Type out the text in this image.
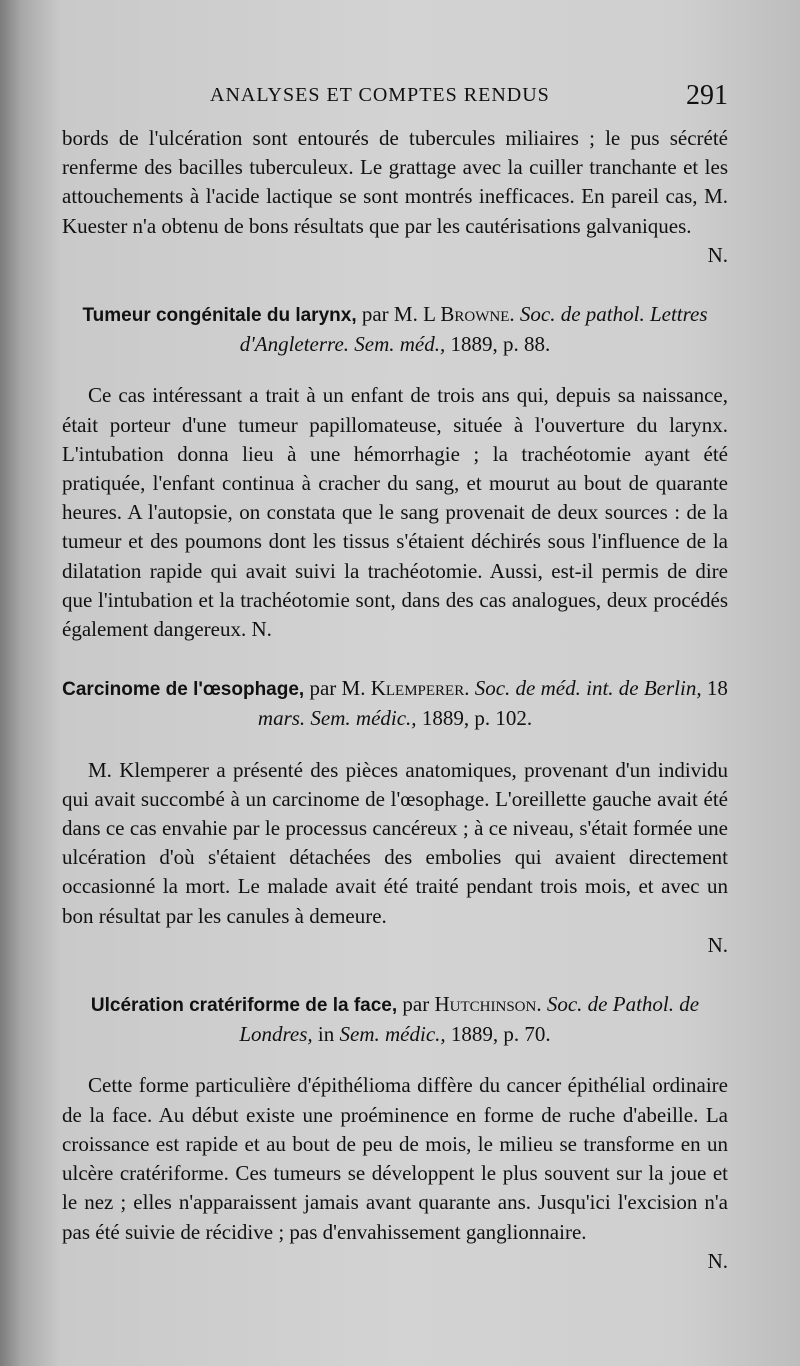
ANALYSES ET COMPTES RENDUS	291

bords de l'ulcération sont entourés de tubercules miliaires ; le pus sécrété renferme des bacilles tuberculeux. Le grattage avec la cuiller tranchante et les attouchements à l'acide lactique se sont montrés inefficaces. En pareil cas, M. Kuester n'a obtenu de bons résultats que par les cautérisations galvaniques.
N.

Tumeur congénitale du larynx, par M. L Browne. Soc. de pathol. Lettres d'Angleterre. Sem. méd., 1889, p. 88.

Ce cas intéressant a trait à un enfant de trois ans qui, depuis sa naissance, était porteur d'une tumeur papillomateuse, située à l'ouverture du larynx. L'intubation donna lieu à une hémorrhagie ; la trachéotomie ayant été pratiquée, l'enfant continua à cracher du sang, et mourut au bout de quarante heures. A l'autopsie, on constata que le sang provenait de deux sources : de la tumeur et des poumons dont les tissus s'étaient déchirés sous l'influence de la dilatation rapide qui avait suivi la trachéotomie. Aussi, est-il permis de dire que l'intubation et la trachéotomie sont, dans des cas analogues, deux procédés également dangereux. N.

Carcinome de l'œsophage, par M. Klemperer. Soc. de méd. int. de Berlin, 18 mars. Sem. médic., 1889, p. 102.

M. Klemperer a présenté des pièces anatomiques, provenant d'un individu qui avait succombé à un carcinome de l'œsophage. L'oreillette gauche avait été dans ce cas envahie par le processus cancéreux ; à ce niveau, s'était formée une ulcération d'où s'étaient détachées des embolies qui avaient directement occasionné la mort. Le malade avait été traité pendant trois mois, et avec un bon résultat par les canules à demeure.
N.

Ulcération cratériforme de la face, par Hutchinson. Soc. de Pathol. de Londres, in Sem. médic., 1889, p. 70.

Cette forme particulière d'épithélioma diffère du cancer épithélial ordinaire de la face. Au début existe une proéminence en forme de ruche d'abeille. La croissance est rapide et au bout de peu de mois, le milieu se transforme en un ulcère cratériforme. Ces tumeurs se développent le plus souvent sur la joue et le nez ; elles n'apparaissent jamais avant quarante ans. Jusqu'ici l'excision n'a pas été suivie de récidive ; pas d'envahissement ganglionnaire.
N.
